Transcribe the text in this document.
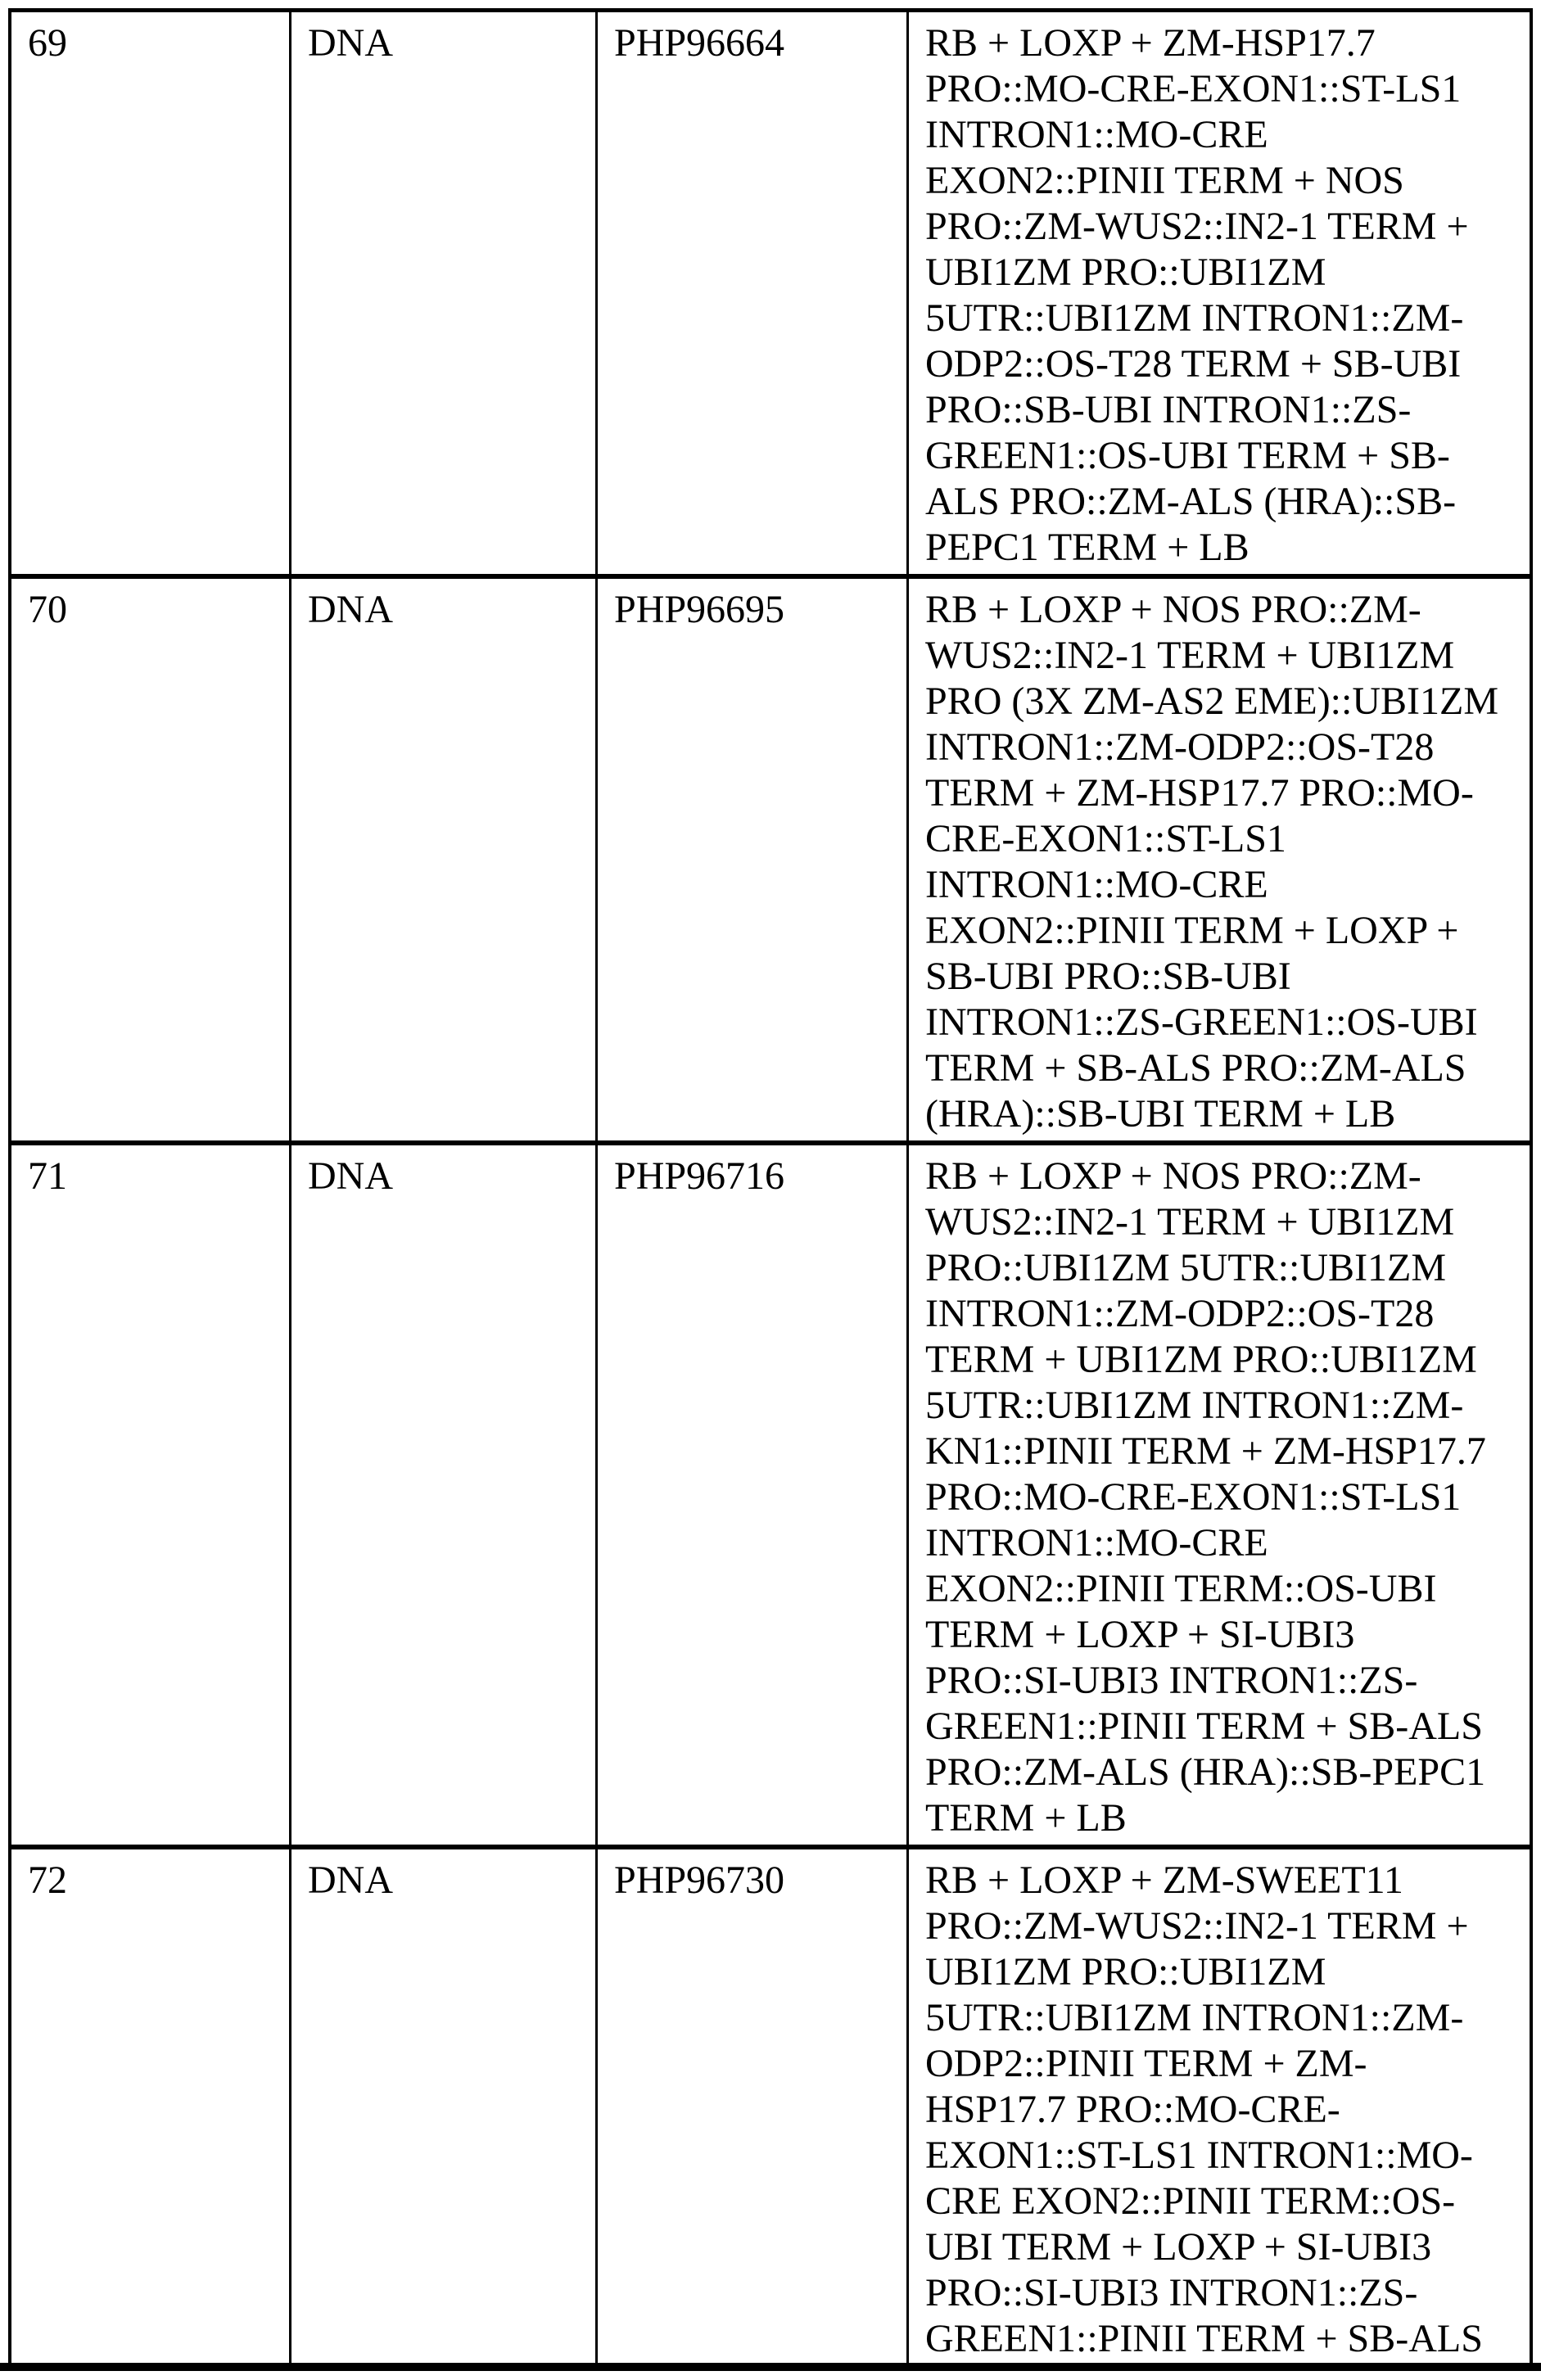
69	DNA	PHP96664	RB + LOXP + ZM-HSP17.7
PRO::MO-CRE-EXON1::ST-LS1
INTRON1::MO-CRE
EXON2::PINII TERM + NOS
PRO::ZM-WUS2::IN2-1 TERM +
UBI1ZM PRO::UBI1ZM
5UTR::UBI1ZM INTRON1::ZM-
ODP2::OS-T28 TERM + SB-UBI
PRO::SB-UBI INTRON1::ZS-
GREEN1::OS-UBI TERM + SB-
ALS PRO::ZM-ALS (HRA)::SB-
PEPC1 TERM + LB
70	DNA	PHP96695	RB + LOXP + NOS PRO::ZM-
WUS2::IN2-1 TERM + UBI1ZM
PRO (3X ZM-AS2 EME)::UBI1ZM
INTRON1::ZM-ODP2::OS-T28
TERM + ZM-HSP17.7 PRO::MO-
CRE-EXON1::ST-LS1
INTRON1::MO-CRE
EXON2::PINII TERM + LOXP +
SB-UBI PRO::SB-UBI
INTRON1::ZS-GREEN1::OS-UBI
TERM + SB-ALS PRO::ZM-ALS
(HRA)::SB-UBI TERM + LB
71	DNA	PHP96716	RB + LOXP + NOS PRO::ZM-
WUS2::IN2-1 TERM + UBI1ZM
PRO::UBI1ZM 5UTR::UBI1ZM
INTRON1::ZM-ODP2::OS-T28
TERM + UBI1ZM PRO::UBI1ZM
5UTR::UBI1ZM INTRON1::ZM-
KN1::PINII TERM + ZM-HSP17.7
PRO::MO-CRE-EXON1::ST-LS1
INTRON1::MO-CRE
EXON2::PINII TERM::OS-UBI
TERM + LOXP + SI-UBI3
PRO::SI-UBI3 INTRON1::ZS-
GREEN1::PINII TERM + SB-ALS
PRO::ZM-ALS (HRA)::SB-PEPC1
TERM + LB
72	DNA	PHP96730	RB + LOXP + ZM-SWEET11
PRO::ZM-WUS2::IN2-1 TERM +
UBI1ZM PRO::UBI1ZM
5UTR::UBI1ZM INTRON1::ZM-
ODP2::PINII TERM + ZM-
HSP17.7 PRO::MO-CRE-
EXON1::ST-LS1 INTRON1::MO-
CRE EXON2::PINII TERM::OS-
UBI TERM + LOXP + SI-UBI3
PRO::SI-UBI3 INTRON1::ZS-
GREEN1::PINII TERM + SB-ALS
